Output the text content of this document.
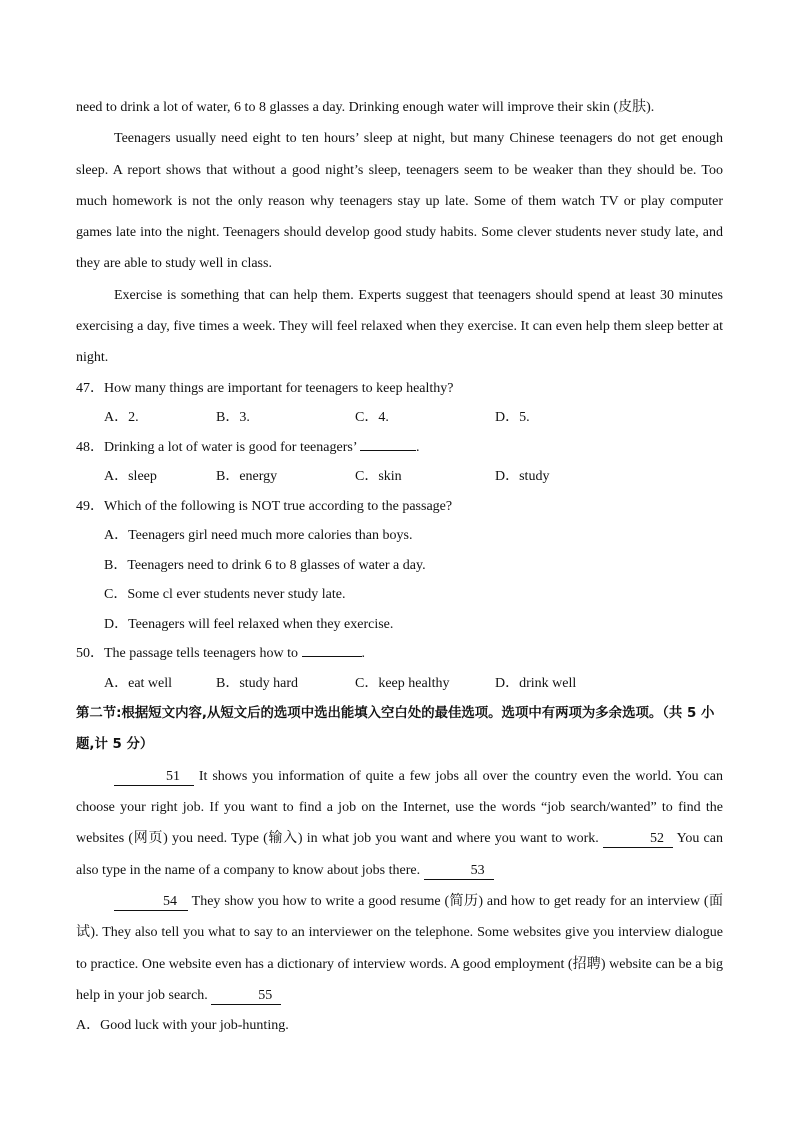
need to drink a lot of water, 6 to 8 glasses a day. Drinking enough water will improve their skin (皮肤).

Teenagers usually need eight to ten hours’ sleep at night, but many Chinese teenagers do not get enough sleep. A report shows that without a good night’s sleep, teenagers seem to be weaker than they should be. Too much homework is not the only reason why teenagers stay up late. Some of them watch TV or play computer games late into the night. Teenagers should develop good study habits. Some clever students never study late, and they are able to study well in class.

Exercise is something that can help them. Experts suggest that teenagers should spend at least 30 minutes exercising a day, five times a week. They will feel relaxed when they exercise. It can even help them sleep better at night.

47．How many things are important for teenagers to keep healthy?

A．2.	B．3.	C．4.	D．5.

48．Drinking a lot of water is good for teenagers’	.

A．sleep	B．energy	C．skin	D．study

49．Which of the following is NOT true according to the passage?

A．Teenagers girl need much more calories than boys.

B．Teenagers need to drink 6 to 8 glasses of water a day.

C．Some cl ever students never study late.

D．Teenagers will feel relaxed when they exercise.

50．The passage tells teenagers how to	.

A．eat well	B．study hard	C．keep healthy	D．drink well

第二节:根据短文内容,从短文后的选项中选出能填入空白处的最佳选项。选项中有两项为多余选项。（共 5 小题,计 5 分）

51 It shows you information of quite a few jobs all over the country even the world. You can choose your right job. If you want to find a job on the Internet, use the words “job search/wanted” to find the websites (网页) you need. Type (输入) in what job you want and where you want to work.	52 You can also type in the name of a company to know about jobs there.	53

54 They show you how to write a good resume (简历) and how to get ready for an interview (面试). They also tell you what to say to an interviewer on the telephone. Some websites give you interview dialogue to practice. One website even has a dictionary of interview words. A good employment (招聘) website can be a big help in your job search.	55

A．Good luck with your job-hunting.
